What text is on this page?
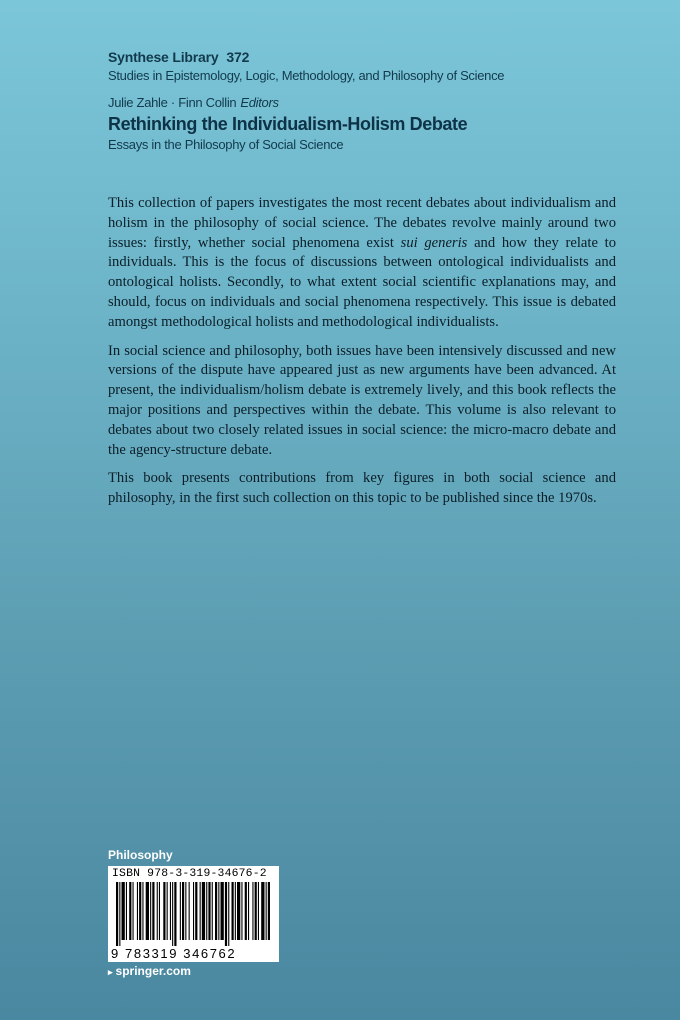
Synthese Library 372
Studies in Epistemology, Logic, Methodology, and Philosophy of Science
Julie Zahle · Finn Collin Editors
Rethinking the Individualism-Holism Debate
Essays in the Philosophy of Social Science

This collection of papers investigates the most recent debates about individualism and holism in the philosophy of social science. The debates revolve mainly around two issues: firstly, whether social phenomena exist sui generis and how they relate to individuals. This is the focus of discussions between ontological individualists and ontological holists. Secondly, to what extent social scientific explanations may, and should, focus on individuals and social phenomena respectively. This issue is debated amongst methodological holists and methodological individualists.

In social science and philosophy, both issues have been intensively discussed and new versions of the dispute have appeared just as new arguments have been advanced. At present, the individualism/holism debate is extremely lively, and this book reflects the major positions and perspectives within the debate. This volume is also relevant to debates about two closely related issues in social science: the micro-macro debate and the agency-structure debate.

This book presents contributions from key figures in both social science and philosophy, in the first such collection on this topic to be published since the 1970s.

Philosophy
ISBN 978-3-319-34676-2
9 783319 346762
▸ springer.com
